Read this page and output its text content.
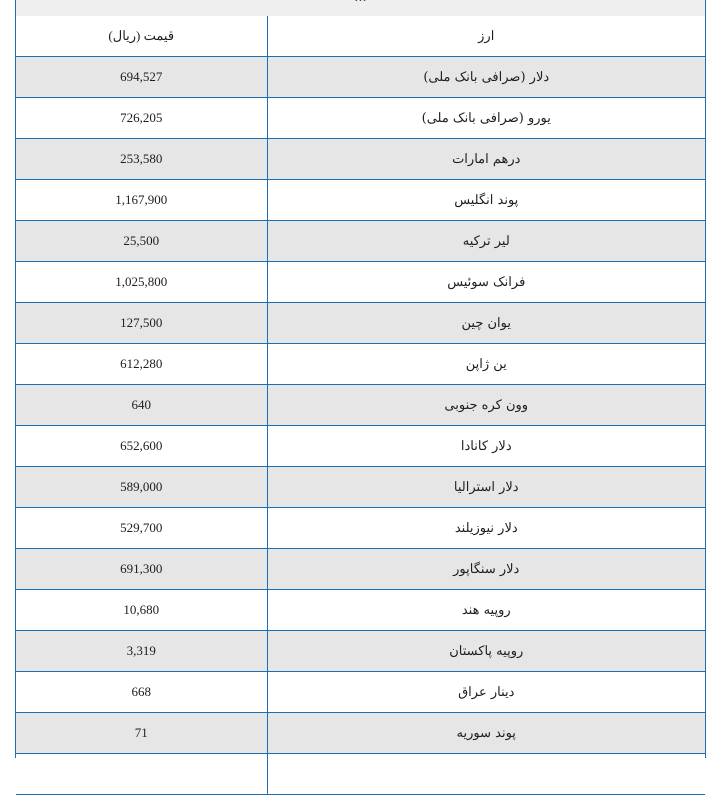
قیمت (ریال)	ارز
694,527	دلار (صرافی بانک ملی)
726,205	یورو (صرافی بانک ملی)
253,580	درهم امارات
1,167,900	پوند انگلیس
25,500	لیر ترکیه
1,025,800	فرانک سوئیس
127,500	یوان چین
612,280	ین ژاپن
640	وون کره جنوبی
652,600	دلار کانادا
589,000	دلار استرالیا
529,700	دلار نیوزیلند
691,300	دلار سنگاپور
10,680	روپیه هند
3,319	روپیه پاکستان
668	دینار عراق
71	پوند سوریه
